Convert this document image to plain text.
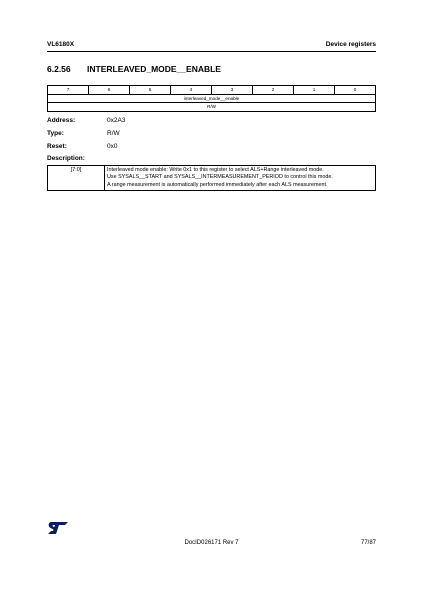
VL6180X	Device registers
6.2.56 INTERLEAVED_MODE__ENABLE
7	6	5	4	3	2	1	0
interleaved_mode__enable
R/W
Address:	0x2A3
Type:	R/W
Reset:	0x0
Description:
[7:0]	Interleaved mode enable: Write 0x1 to this register to select ALS+Range interleaved mode.
Use SYSALS__START and SYSALS__INTERMEASUREMENT_PERIOD to control this mode.
A range measurement is automatically performed immediately after each ALS measurement.
DocID026171 Rev 7	77/87
